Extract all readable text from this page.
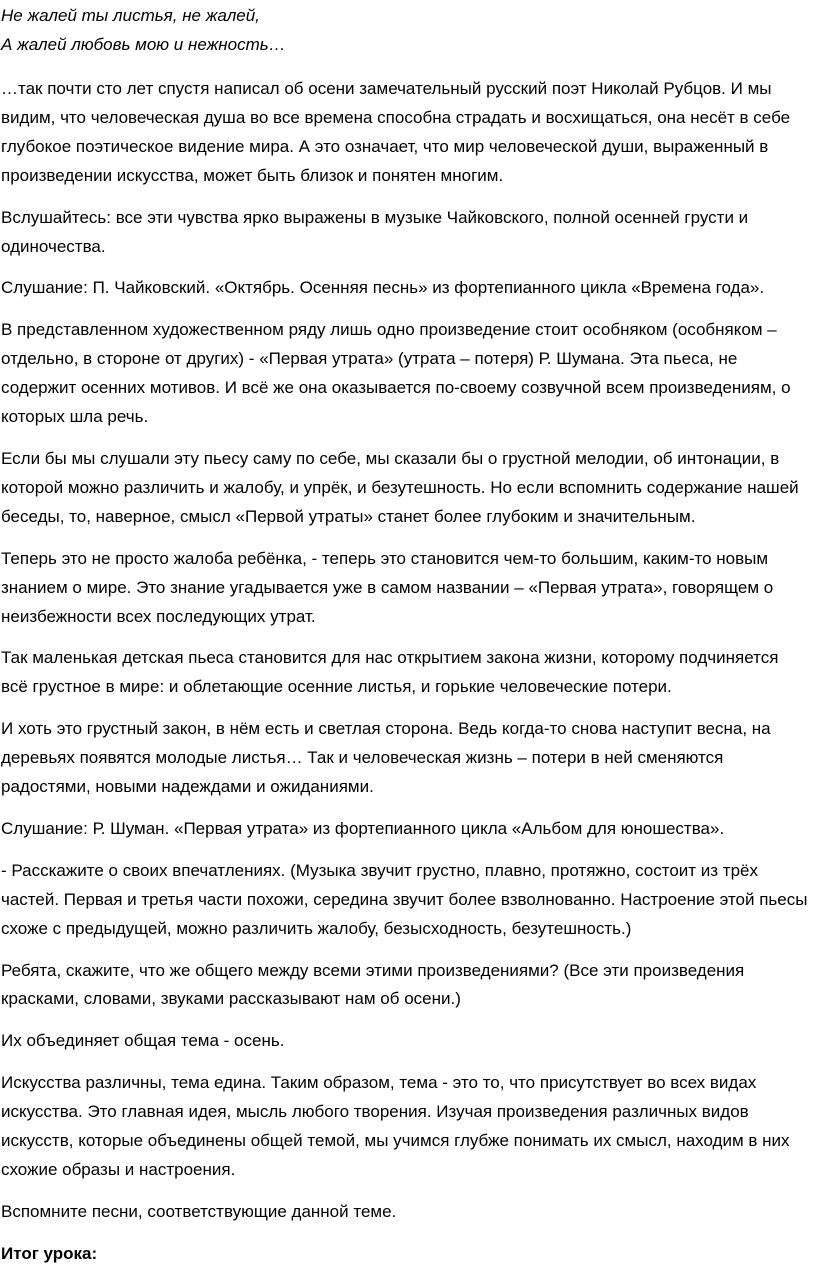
Не жалей ты листья, не жалей,
А жалей любовь мою и нежность…

…так почти сто лет спустя написал об осени замечательный русский поэт Николай Рубцов. И мы видим, что человеческая душа во все времена способна страдать и восхищаться, она несёт в себе глубокое поэтическое видение мира. А это означает, что мир человеческой души, выраженный в произведении искусства, может быть близок и понятен многим.

Вслушайтесь: все эти чувства ярко выражены в музыке Чайковского, полной осенней грусти и одиночества.

Слушание: П. Чайковский. «Октябрь. Осенняя песнь» из фортепианного цикла «Времена года».

В представленном художественном ряду лишь одно произведение стоит особняком (особняком – отдельно, в стороне от других) - «Первая утрата» (утрата – потеря) Р. Шумана. Эта пьеса, не содержит осенних мотивов. И всё же она оказывается по-своему созвучной всем произведениям, о которых шла речь.

Если бы мы слушали эту пьесу саму по себе, мы сказали бы о грустной мелодии, об интонации, в которой можно различить и жалобу, и упрёк, и безутешность. Но если вспомнить содержание нашей беседы, то, наверное, смысл «Первой утраты» станет более глубоким и значительным.

Теперь это не просто жалоба ребёнка, - теперь это становится чем-то большим, каким-то новым знанием о мире. Это знание угадывается уже в самом названии – «Первая утрата», говорящем о неизбежности всех последующих утрат.

Так маленькая детская пьеса становится для нас открытием закона жизни, которому подчиняется всё грустное в мире: и облетающие осенние листья, и горькие человеческие потери.

И хоть это грустный закон, в нём есть и светлая сторона. Ведь когда-то снова наступит весна, на деревьях появятся молодые листья… Так и человеческая жизнь – потери в ней сменяются радостями, новыми надеждами и ожиданиями.

Слушание: Р. Шуман. «Первая утрата» из фортепианного цикла «Альбом для юношества».

- Расскажите о своих впечатлениях. (Музыка звучит грустно, плавно, протяжно, состоит из трёх частей. Первая и третья части похожи, середина звучит более взволнованно. Настроение этой пьесы схоже с предыдущей, можно различить жалобу, безысходность, безутешность.)

Ребята, скажите, что же общего между всеми этими произведениями? (Все эти произведения красками, словами, звуками рассказывают нам об осени.)

Их объединяет общая тема - осень.

Искусства различны, тема едина. Таким образом, тема - это то, что присутствует во всех видах искусства. Это главная идея, мысль любого творения. Изучая произведения различных видов искусств, которые объединены общей темой, мы учимся глубже понимать их смысл, находим в них схожие образы и настроения.

Вспомните песни, соответствующие данной теме.

Итог урока:
